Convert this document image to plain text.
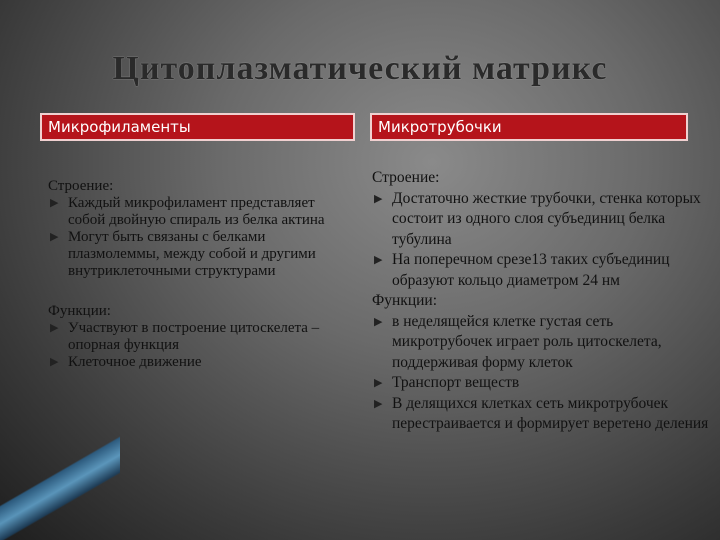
Цитоплазматический матрикс
Микрофиламенты	Микротрубочки

Строение:

▶ Каждый микрофиламент представляет собой двойную спираль из белка актина
▶ Могут быть связаны с белками плазмолеммы, между собой и другими внутриклеточными структурами

Функции:

▶ Участвуют в построение цитоскелета – опорная функция
▶ Клеточное движение

Строение:

▶ Достаточно жесткие трубочки, стенка которых состоит из одного слоя субъединиц белка тубулина
▶ На поперечном срезе13 таких субъединиц образуют кольцо диаметром 24 нм

Функции:

▶ в неделящейся клетке густая сеть микротрубочек играет роль цитоскелета, поддерживая форму клеток
▶ Транспорт веществ
▶ В делящихся клетках сеть микротрубочек перестраивается и формирует веретено деления
